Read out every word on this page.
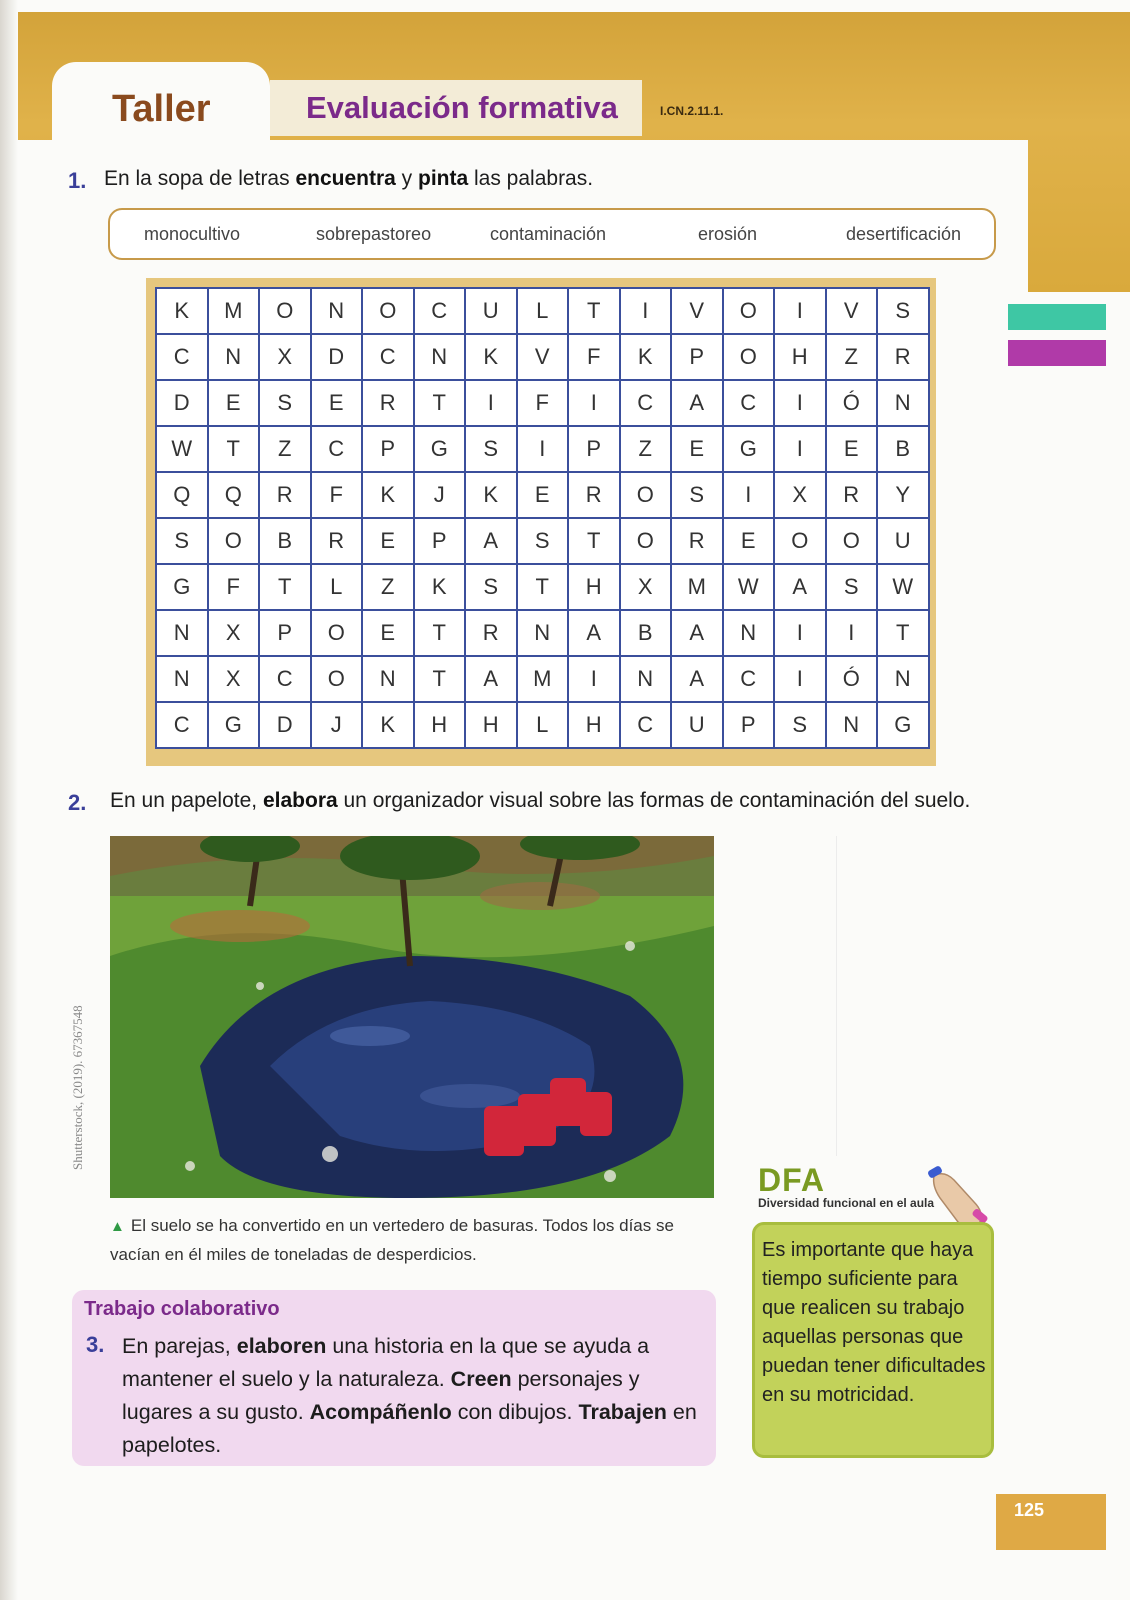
Taller	Evaluación formativa	I.CN.2.11.1.
1. En la sopa de letras encuentra y pinta las palabras.
monocultivo	sobrepastoreo	contaminación	erosión	desertificación
K	M	O	N	O	C	U	L	T	I	V	O	I	V	S
C	N	X	D	C	N	K	V	F	K	P	O	H	Z	R
D	E	S	E	R	T	I	F	I	C	A	C	I	Ó	N
W	T	Z	C	P	G	S	I	P	Z	E	G	I	E	B
Q	Q	R	F	K	J	K	E	R	O	S	I	X	R	Y
S	O	B	R	E	P	A	S	T	O	R	E	O	O	U
G	F	T	L	Z	K	S	T	H	X	M	W	A	S	W
N	X	P	O	E	T	R	N	A	B	A	N	I	I	T
N	X	C	O	N	T	A	M	I	N	A	C	I	Ó	N
C	G	D	J	K	H	H	L	H	C	U	P	S	N	G
2. En un papelote, elabora un organizador visual sobre las formas de contaminación del suelo.
Shutterstock, (2019). 67367548
▲ El suelo se ha convertido en un vertedero de basuras. Todos los días se vacían en él miles de toneladas de desperdicios.
Trabajo colaborativo
3. En parejas, elaboren una historia en la que se ayuda a mantener el suelo y la naturaleza. Creen personajes y lugares a su gusto. Acompáñenlo con dibujos. Trabajen en papelotes.
DFA
Diversidad funcional en el aula
Es importante que haya tiempo suficiente para que realicen su trabajo aquellas personas que puedan tener dificultades en su motricidad.
125
